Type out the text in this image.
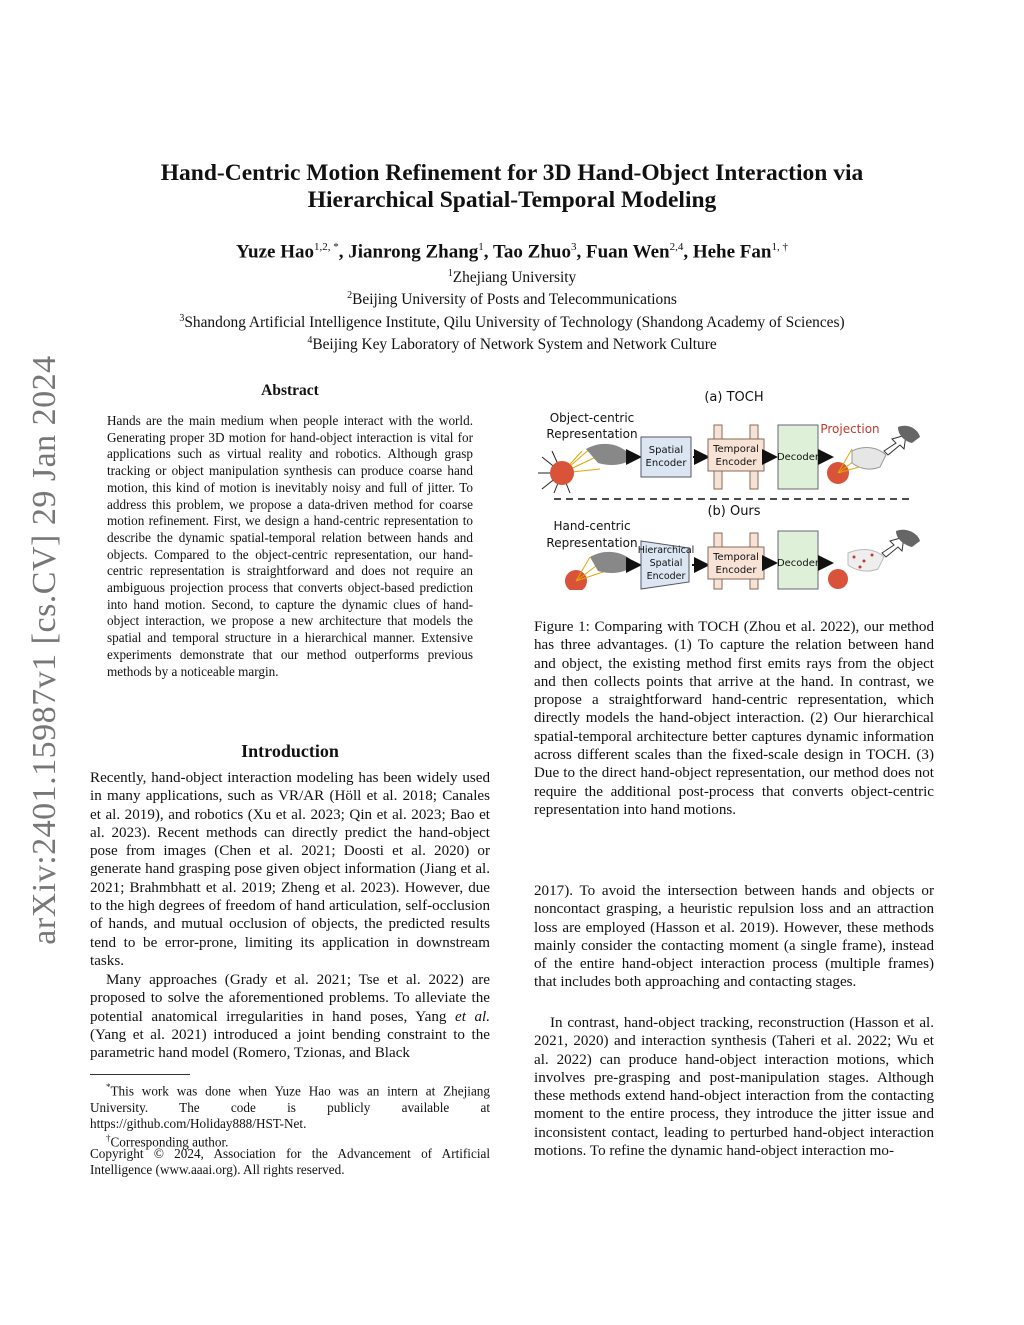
Hand-Centric Motion Refinement for 3D Hand-Object Interaction via
Hierarchical Spatial-Temporal Modeling
Yuze Hao$^{1,2, *}$, Jianrong Zhang$^1$, Tao Zhuo$^3$, Fuan Wen$^{2,4}$, Hehe Fan$^{1, \dagger}$
$^1$Zhejiang University
$^2$Beijing University of Posts and Telecommunications
$^3$Shandong Artificial Intelligence Institute, Qilu University of Technology (Shandong Academy of Sciences)
$^4$Beijing Key Laboratory of Network System and Network Culture
arXiv:2401.15987v1 [cs.CV] 29 Jan 2024	Abstract

Hands are the main medium when people interact with the world. Generating proper 3D motion for hand-object interaction is vital for applications such as virtual reality and robotics. Although grasp tracking or object manipulation synthesis can produce coarse hand motion, this kind of motion is inevitably noisy and full of jitter. To address this problem, we propose a data-driven method for coarse motion refinement. First, we design a hand-centric representation to describe the dynamic spatial-temporal relation between hands and objects. Compared to the object-centric representation, our hand-centric representation is straightforward and does not require an ambiguous projection process that converts object-based prediction into hand motion. Second, to capture the dynamic clues of hand-object interaction, we propose a new architecture that models the spatial and temporal structure in a hierarchical manner. Extensive experiments demonstrate that our method outperforms previous methods by a noticeable margin.

Introduction

Recently, hand-object interaction modeling has been widely used in many applications, such as VR/AR (Höll et al. 2018; Canales et al. 2019), and robotics (Xu et al. 2023; Qin et al. 2023; Bao et al. 2023). Recent methods can directly predict the hand-object pose from images (Chen et al. 2021; Doosti et al. 2020) or generate hand grasping pose given object information (Jiang et al. 2021; Brahmbhatt et al. 2019; Zheng et al. 2023). However, due to the high degrees of freedom of hand articulation, self-occlusion of hands, and mutual occlusion of objects, the predicted results tend to be error-prone, limiting its application in downstream tasks.

Many approaches (Grady et al. 2021; Tse et al. 2022) are proposed to solve the aforementioned problems. To alleviate the potential anatomical irregularities in hand poses, Yang et al. (Yang et al. 2021) introduced a joint bending constraint to the parametric hand model (Romero, Tzionas, and Black

*This work was done when Yuze Hao was an intern at Zhejiang University. The code is publicly available at https://github.com/Holiday888/HST-Net.

†Corresponding author.

Copyright © 2024, Association for the Advancement of Artificial Intelligence (www.aaai.org). All rights reserved.

(a) TOCH
Object-centric
Representation
Spatial
Encoder
Temporal
Encoder Decoder
Projection
(b) Ours
Hand-centric
Representation
Hierarchical
Spatial
Encoder
Temporal
Encoder
Decoder

Figure 1: Comparing with TOCH (Zhou et al. 2022), our method has three advantages. (1) To capture the relation between hand and object, the existing method first emits rays from the object and then collects points that arrive at the hand. In contrast, we propose a straightforward hand-centric representation, which directly models the hand-object interaction. (2) Our hierarchical spatial-temporal architecture better captures dynamic information across different scales than the fixed-scale design in TOCH. (3) Due to the direct hand-object representation, our method does not require the additional post-process that converts object-centric representation into hand motions.

2017). To avoid the intersection between hands and objects or noncontact grasping, a heuristic repulsion loss and an attraction loss are employed (Hasson et al. 2019). However, these methods mainly consider the contacting moment (a single frame), instead of the entire hand-object interaction process (multiple frames) that includes both approaching and contacting stages.

In contrast, hand-object tracking, reconstruction (Hasson et al. 2021, 2020) and interaction synthesis (Taheri et al. 2022; Wu et al. 2022) can produce hand-object interaction motions, which involves pre-grasping and post-manipulation stages. Although these methods extend hand-object interaction from the contacting moment to the entire process, they introduce the jitter issue and inconsistent contact, leading to perturbed hand-object interaction motions. To refine the dynamic hand-object interaction mo-
